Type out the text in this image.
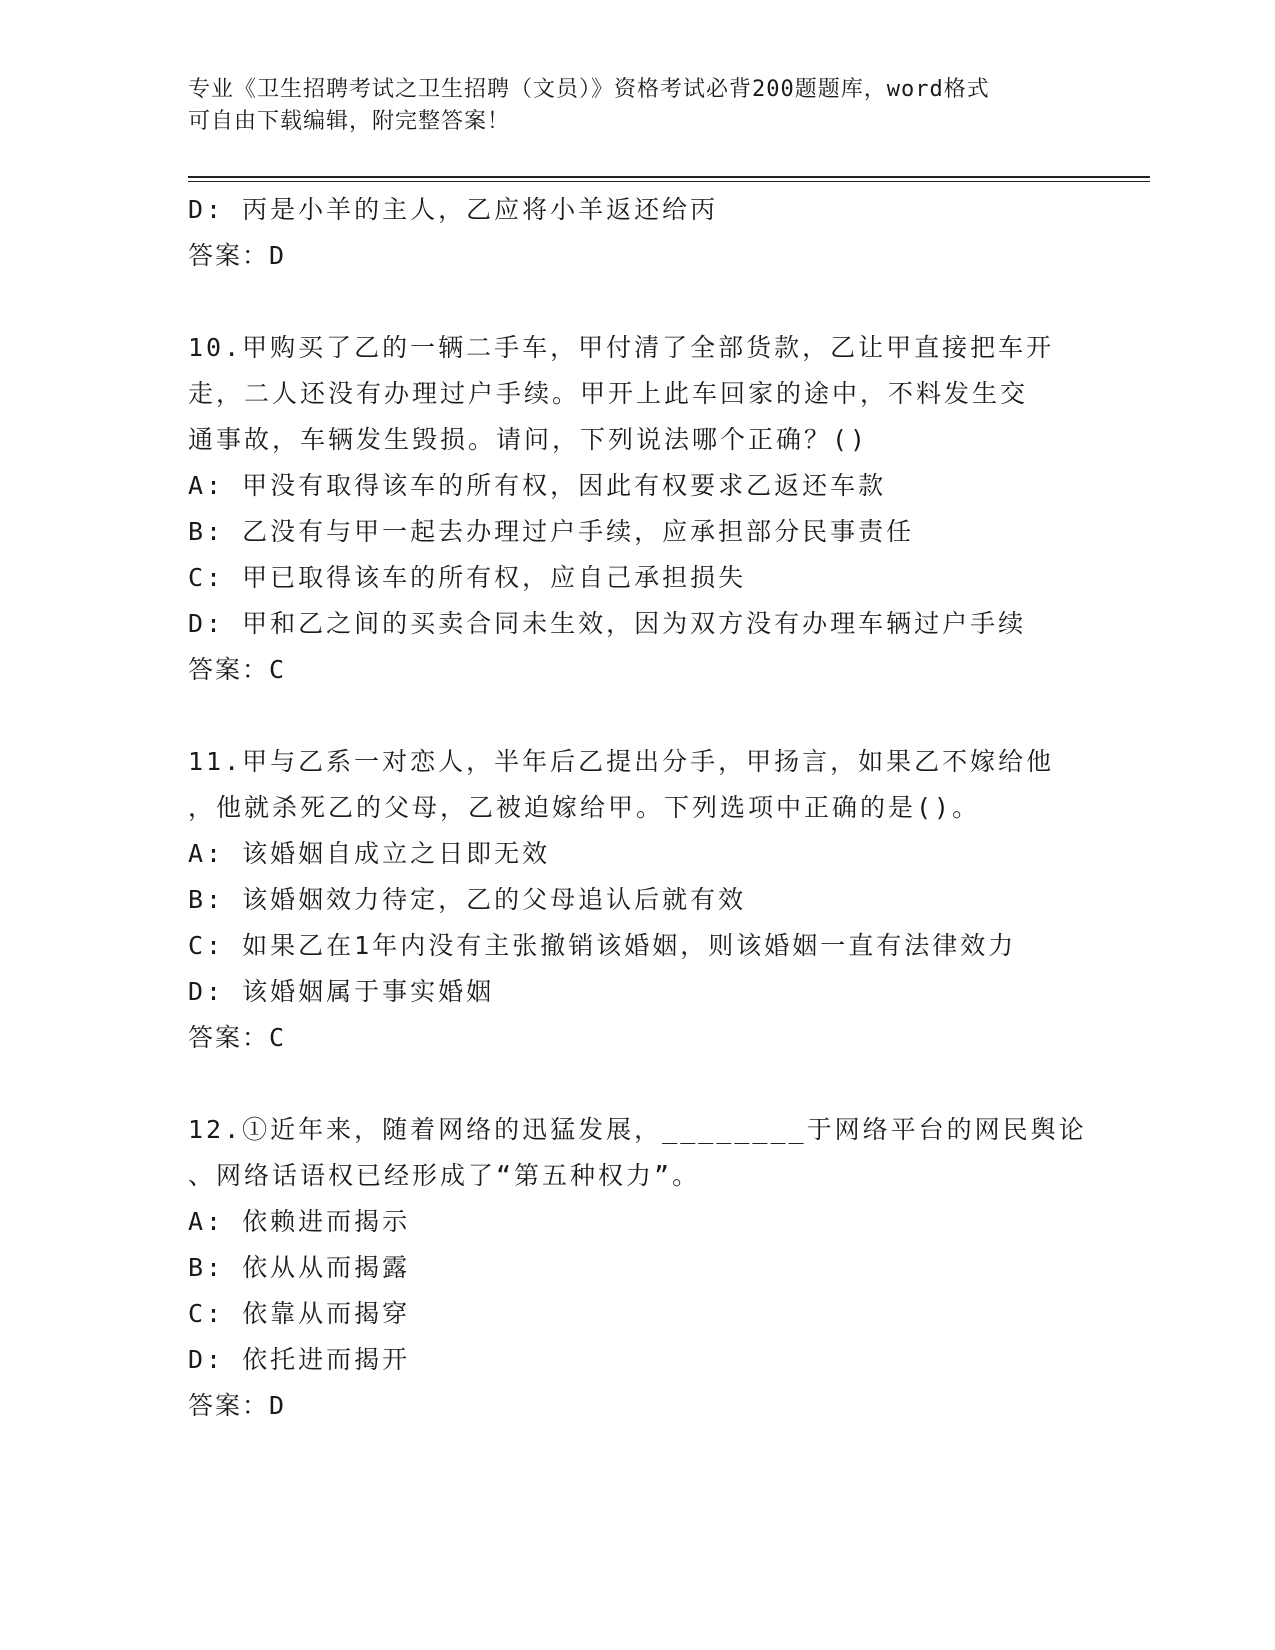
专业《卫生招聘考试之卫生招聘（文员）》资格考试必背200题题库，word格式
可自由下载编辑，附完整答案！
D: 丙是小羊的主人，乙应将小羊返还给丙
答案：D
10.甲购买了乙的一辆二手车，甲付清了全部货款，乙让甲直接把车开
走，二人还没有办理过户手续。甲开上此车回家的途中，不料发生交
通事故，车辆发生毁损。请问，下列说法哪个正确？()
A: 甲没有取得该车的所有权，因此有权要求乙返还车款
B: 乙没有与甲一起去办理过户手续，应承担部分民事责任
C: 甲已取得该车的所有权，应自己承担损失
D: 甲和乙之间的买卖合同未生效，因为双方没有办理车辆过户手续
答案：C
11.甲与乙系一对恋人，半年后乙提出分手，甲扬言，如果乙不嫁给他
，他就杀死乙的父母，乙被迫嫁给甲。下列选项中正确的是()。
A: 该婚姻自成立之日即无效
B: 该婚姻效力待定，乙的父母追认后就有效
C: 如果乙在1年内没有主张撤销该婚姻，则该婚姻一直有法律效力
D: 该婚姻属于事实婚姻
答案：C
12.①近年来，随着网络的迅猛发展，________于网络平台的网民舆论
、网络话语权已经形成了“第五种权力”。
A: 依赖进而揭示
B: 依从从而揭露
C: 依靠从而揭穿
D: 依托进而揭开
答案：D
